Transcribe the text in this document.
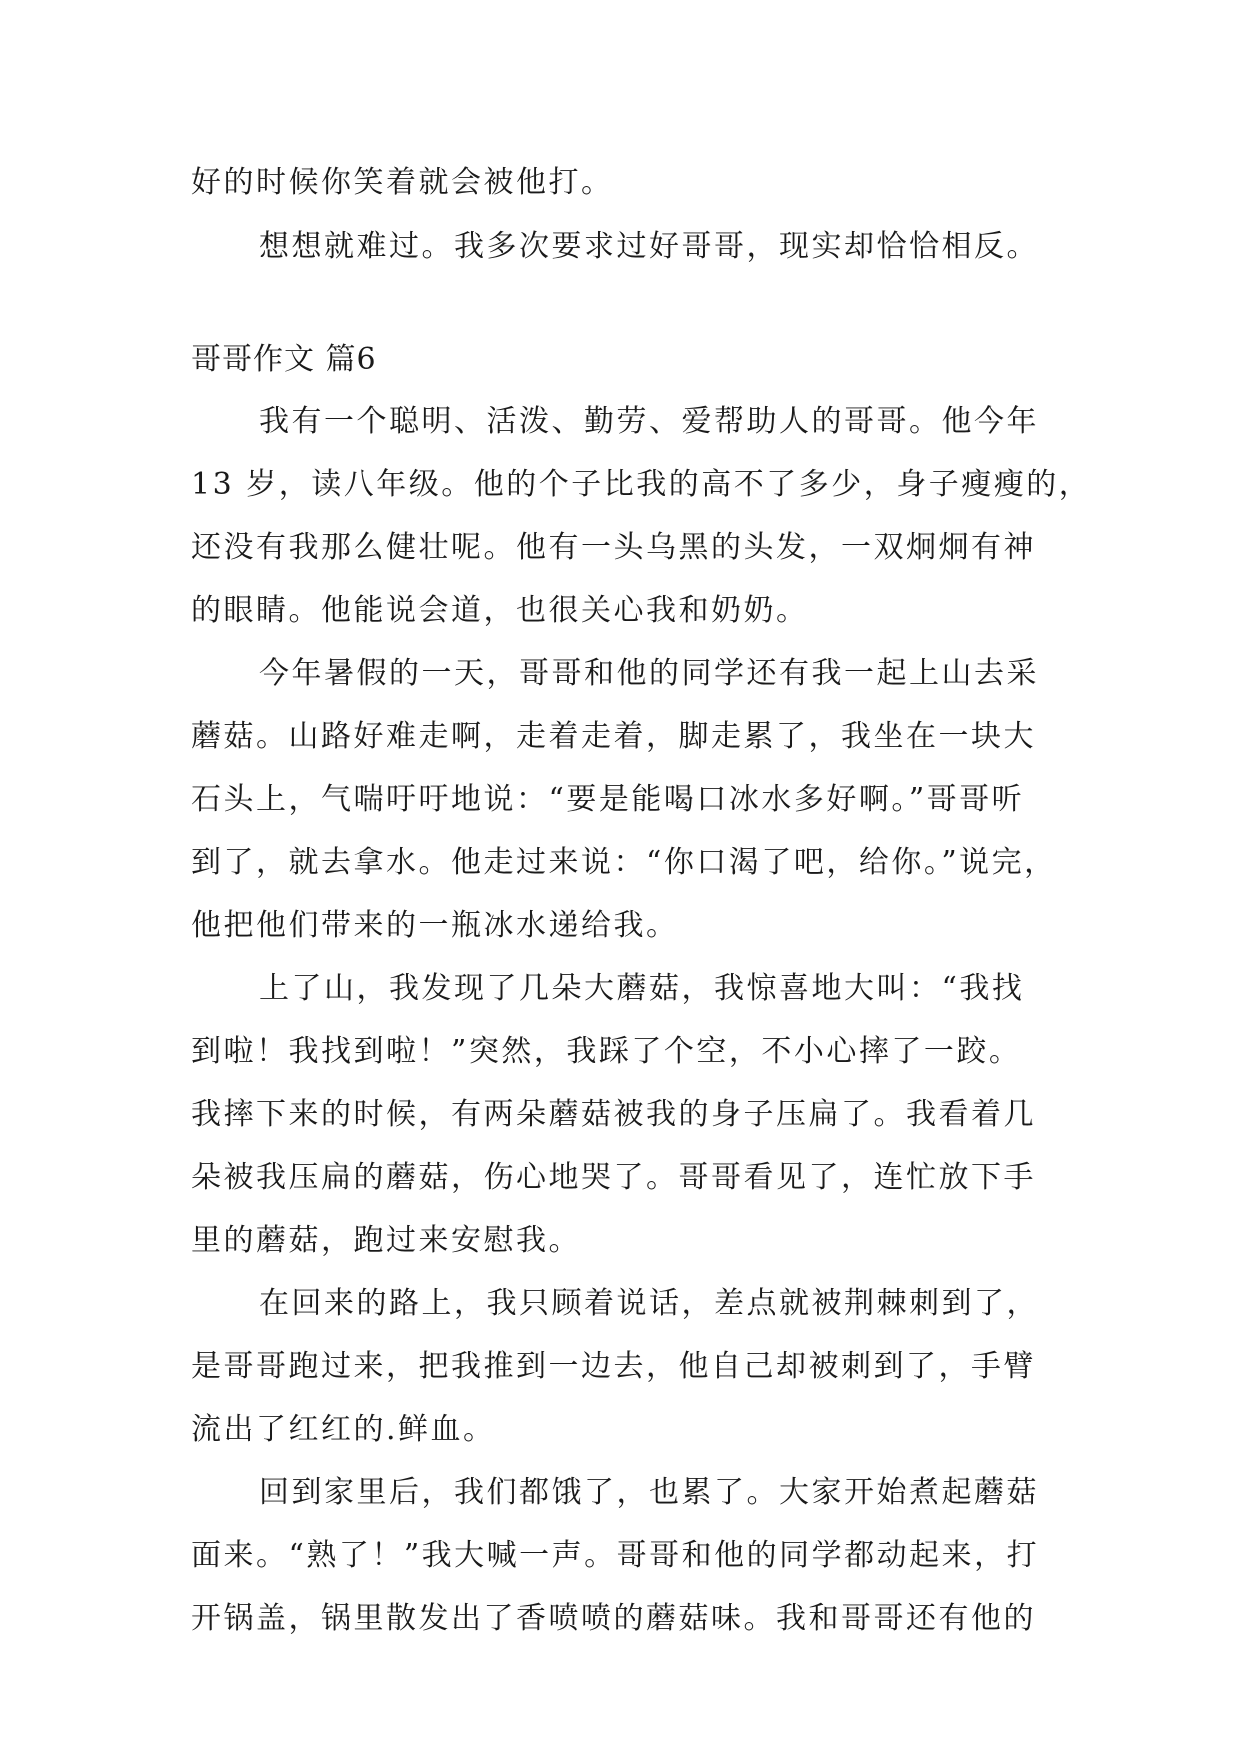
好的时候你笑着就会被他打。
想想就难过。我多次要求过好哥哥，现实却恰恰相反。
哥哥作文 篇6
我有一个聪明、活泼、勤劳、爱帮助人的哥哥。他今年
13 岁，读八年级。他的个子比我的高不了多少，身子瘦瘦的，
还没有我那么健壮呢。他有一头乌黑的头发，一双炯炯有神
的眼睛。他能说会道，也很关心我和奶奶。
今年暑假的一天，哥哥和他的同学还有我一起上山去采
蘑菇。山路好难走啊，走着走着，脚走累了，我坐在一块大
石头上，气喘吁吁地说：“要是能喝口冰水多好啊。”哥哥听
到了，就去拿水。他走过来说：“你口渴了吧，给你。”说完，
他把他们带来的一瓶冰水递给我。
上了山，我发现了几朵大蘑菇，我惊喜地大叫：“我找
到啦！我找到啦！”突然，我踩了个空，不小心摔了一跤。
我摔下来的时候，有两朵蘑菇被我的身子压扁了。我看着几
朵被我压扁的蘑菇，伤心地哭了。哥哥看见了，连忙放下手
里的蘑菇，跑过来安慰我。
在回来的路上，我只顾着说话，差点就被荆棘刺到了，
是哥哥跑过来，把我推到一边去，他自己却被刺到了，手臂
流出了红红的.鲜血。
回到家里后，我们都饿了，也累了。大家开始煮起蘑菇
面来。“熟了！”我大喊一声。哥哥和他的同学都动起来，打
开锅盖，锅里散发出了香喷喷的蘑菇味。我和哥哥还有他的
